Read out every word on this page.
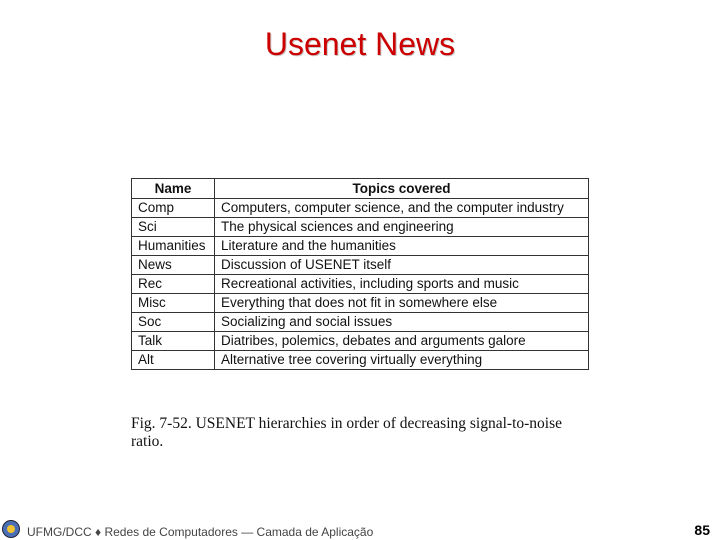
Usenet News
Name	Topics covered
Comp	Computers, computer science, and the computer industry
Sci	The physical sciences and engineering
Humanities	Literature and the humanities
News	Discussion of USENET itself
Rec	Recreational activities, including sports and music
Misc	Everything that does not fit in somewhere else
Soc	Socializing and social issues
Talk	Diatribes, polemics, debates and arguments galore
Alt	Alternative tree covering virtually everything
Fig. 7-52. USENET hierarchies in order of decreasing signal-to-noise ratio.
UFMG/DCC ♦ Redes de Computadores — Camada de Aplicação	85
